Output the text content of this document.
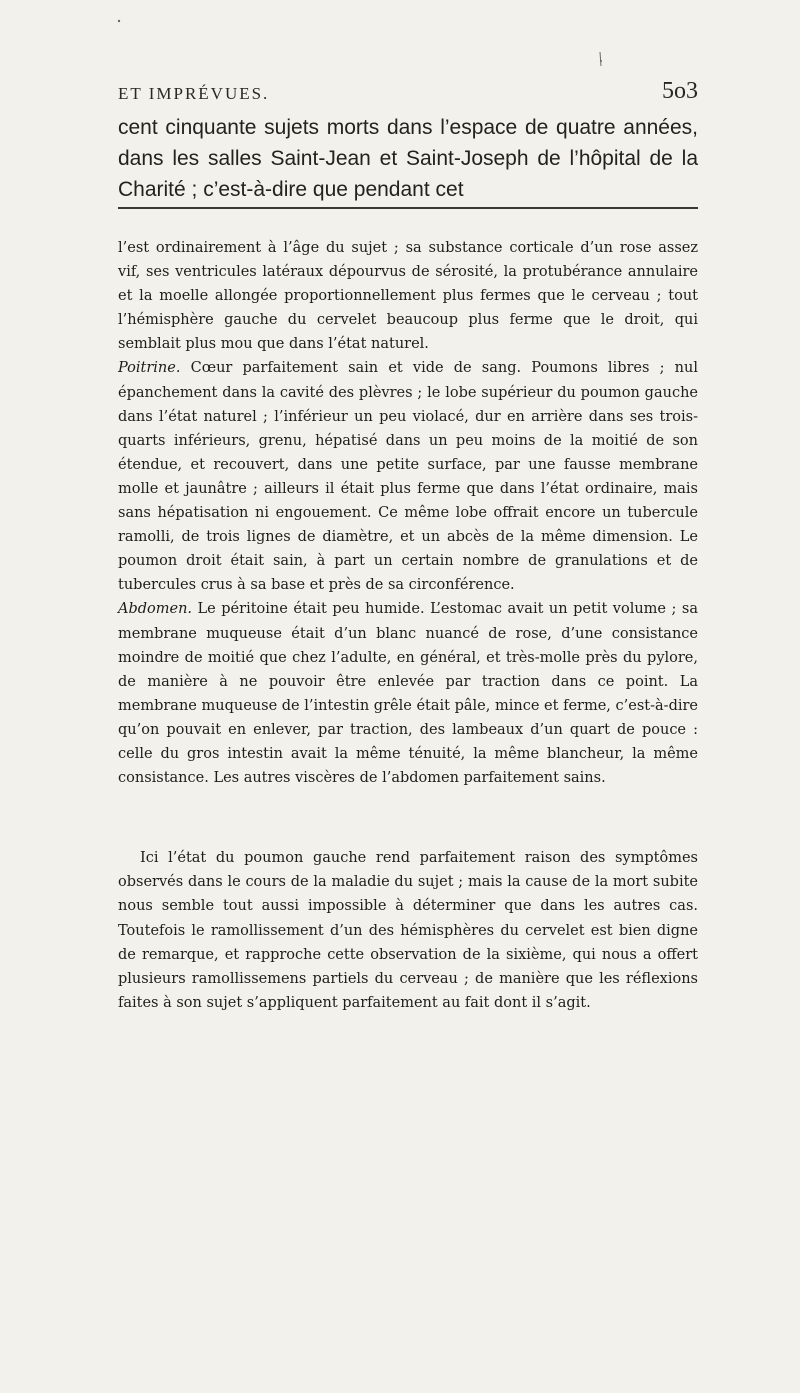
ET IMPRÉVUES.	5o3

cent cinquante sujets morts dans l’espace de quatre années, dans les salles Saint-Jean et Saint-Joseph de l’hôpital de la Charité ; c’est-à-dire que pendant cet

l’est ordinairement à l’âge du sujet ; sa substance corticale d’un rose assez vif, ses ventricules latéraux dépourvus de sérosité, la protubérance annulaire et la moelle allongée proportionnellement plus fermes que le cerveau ; tout l’hémisphère gauche du cervelet beaucoup plus ferme que le droit, qui semblait plus mou que dans l’état naturel.

Poitrine. Cœur parfaitement sain et vide de sang. Poumons libres ; nul épanchement dans la cavité des plèvres ; le lobe supérieur du poumon gauche dans l’état naturel ; l’inférieur un peu violacé, dur en arrière dans ses trois-quarts inférieurs, grenu, hépatisé dans un peu moins de la moitié de son étendue, et recouvert, dans une petite surface, par une fausse membrane molle et jaunâtre ; ailleurs il était plus ferme que dans l’état ordinaire, mais sans hépatisation ni engouement. Ce même lobe offrait encore un tubercule ramolli, de trois lignes de diamètre, et un abcès de la même dimension. Le poumon droit était sain, à part un certain nombre de granulations et de tubercules crus à sa base et près de sa circonférence.

Abdomen. Le péritoine était peu humide. L’estomac avait un petit volume ; sa membrane muqueuse était d’un blanc nuancé de rose, d’une consistance moindre de moitié que chez l’adulte, en général, et très-molle près du pylore, de manière à ne pouvoir être enlevée par traction dans ce point. La membrane muqueuse de l’intestin grêle était pâle, mince et ferme, c’est-à-dire qu’on pouvait en enlever, par traction, des lambeaux d’un quart de pouce : celle du gros intestin avait la même ténuité, la même blancheur, la même consistance. Les autres viscères de l’abdomen parfaitement sains.

Ici l’état du poumon gauche rend parfaitement raison des symptômes observés dans le cours de la maladie du sujet ; mais la cause de la mort subite nous semble tout aussi impossible à déterminer que dans les autres cas. Toutefois le ramollissement d’un des hémisphères du cervelet est bien digne de remarque, et rapproche cette observation de la sixième, qui nous a offert plusieurs ramollissemens partiels du cerveau ; de manière que les réflexions faites à son sujet s’appliquent parfaitement au fait dont il s’agit.
